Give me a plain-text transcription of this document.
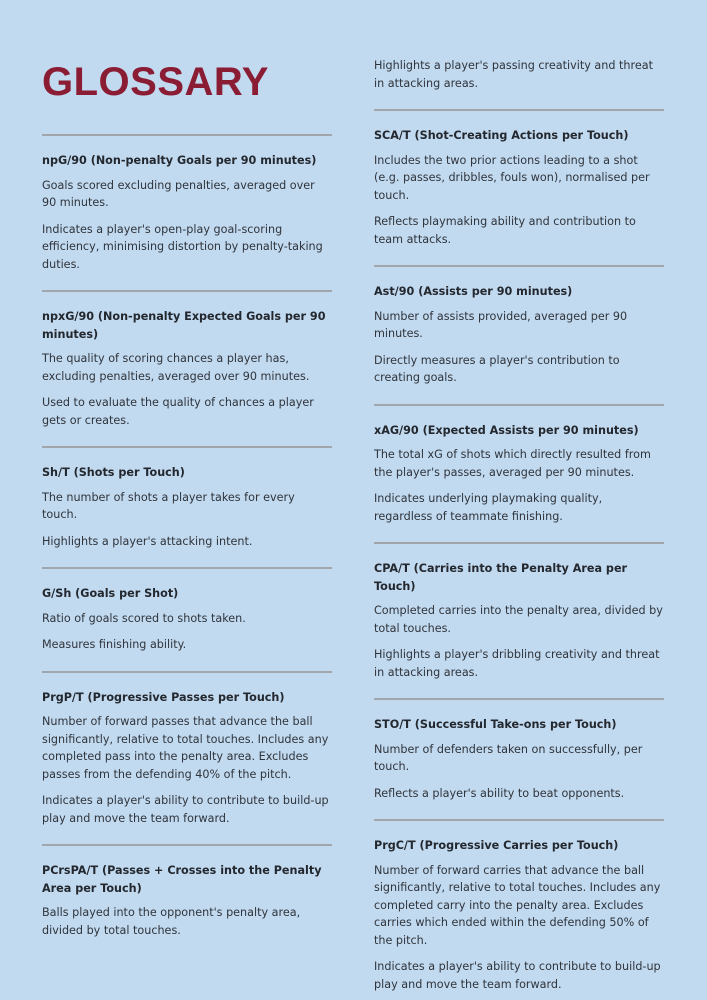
GLOSSARY
npG/90 (Non-penalty Goals per 90 minutes)

Goals scored excluding penalties, averaged over 90 minutes.

Indicates a player's open-play goal-scoring efficiency, minimising distortion by penalty-taking duties.

npxG/90 (Non-penalty Expected Goals per 90 minutes)

The quality of scoring chances a player has, excluding penalties, averaged over 90 minutes.

Used to evaluate the quality of chances a player gets or creates.

Sh/T (Shots per Touch)

The number of shots a player takes for every touch.

Highlights a player's attacking intent.

G/Sh (Goals per Shot)

Ratio of goals scored to shots taken.

Measures finishing ability.

PrgP/T (Progressive Passes per Touch)

Number of forward passes that advance the ball significantly, relative to total touches. Includes any completed pass into the penalty area. Excludes passes from the defending 40% of the pitch.

Indicates a player's ability to contribute to build-up play and move the team forward.

PCrsPA/T (Passes + Crosses into the Penalty Area per Touch)

Balls played into the opponent's penalty area, divided by total touches.

Highlights a player's passing creativity and threat in attacking areas.

SCA/T (Shot-Creating Actions per Touch)

Includes the two prior actions leading to a shot (e.g. passes, dribbles, fouls won), normalised per touch.

Reflects playmaking ability and contribution to team attacks.

Ast/90 (Assists per 90 minutes)

Number of assists provided, averaged per 90 minutes.

Directly measures a player's contribution to creating goals.

xAG/90 (Expected Assists per 90 minutes)

The total xG of shots which directly resulted from the player's passes, averaged per 90 minutes.

Indicates underlying playmaking quality, regardless of teammate finishing.

CPA/T (Carries into the Penalty Area per Touch)

Completed carries into the penalty area, divided by total touches.

Highlights a player's dribbling creativity and threat in attacking areas.

STO/T (Successful Take-ons per Touch)

Number of defenders taken on successfully, per touch.

Reflects a player's ability to beat opponents.

PrgC/T (Progressive Carries per Touch)

Number of forward carries that advance the ball significantly, relative to total touches. Includes any completed carry into the penalty area. Excludes carries which ended within the defending 50% of the pitch.

Indicates a player's ability to contribute to build-up play and move the team forward.
